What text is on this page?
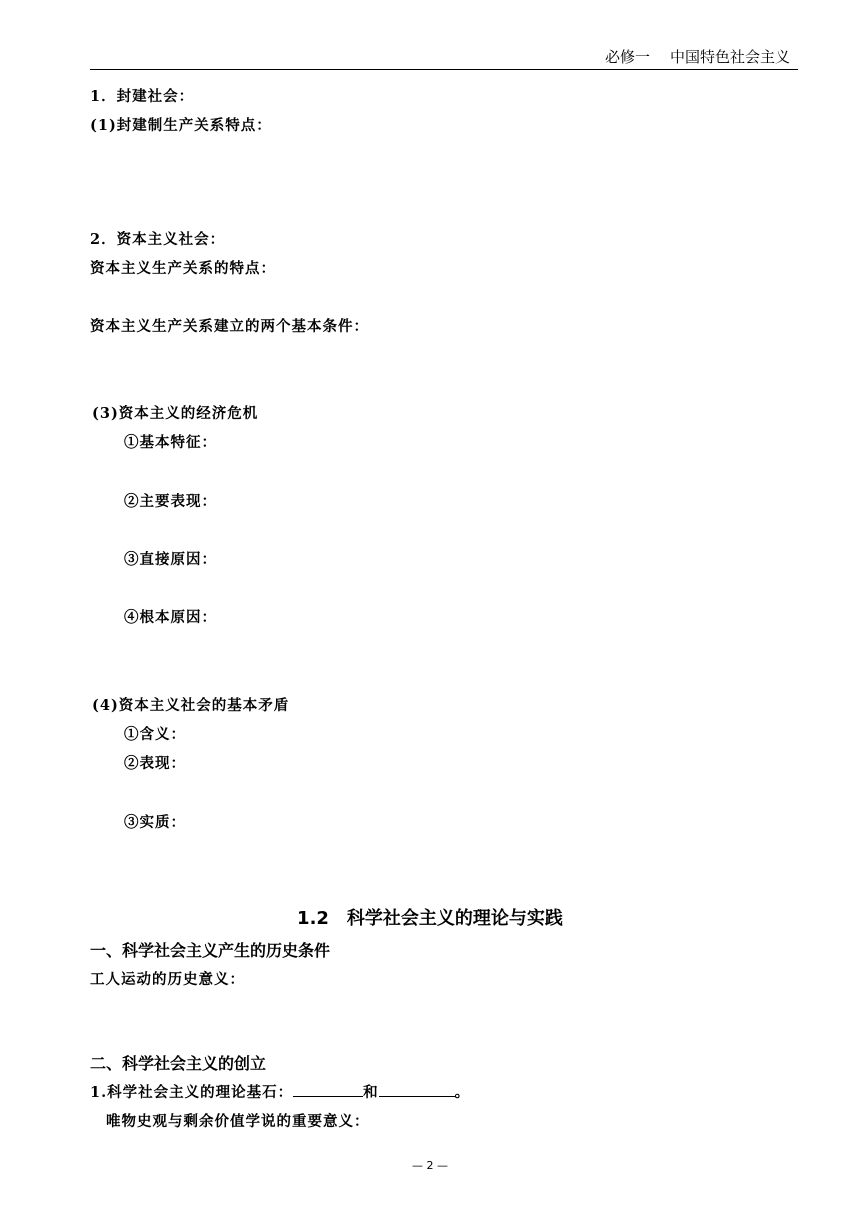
必修一 中国特色社会主义
1．封建社会：
(1)封建制生产关系特点：
2．资本主义社会：
资本主义生产关系的特点：
资本主义生产关系建立的两个基本条件：
(3)资本主义的经济危机
①基本特征：
②主要表现：
③直接原因：
④根本原因：
(4)资本主义社会的基本矛盾
①含义：
②表现：
③实质：
1.2　科学社会主义的理论与实践
一、科学社会主义产生的历史条件
工人运动的历史意义：
二、科学社会主义的创立
1.科学社会主义的理论基石：	和	。
唯物史观与剩余价值学说的重要意义：
— 2 —
